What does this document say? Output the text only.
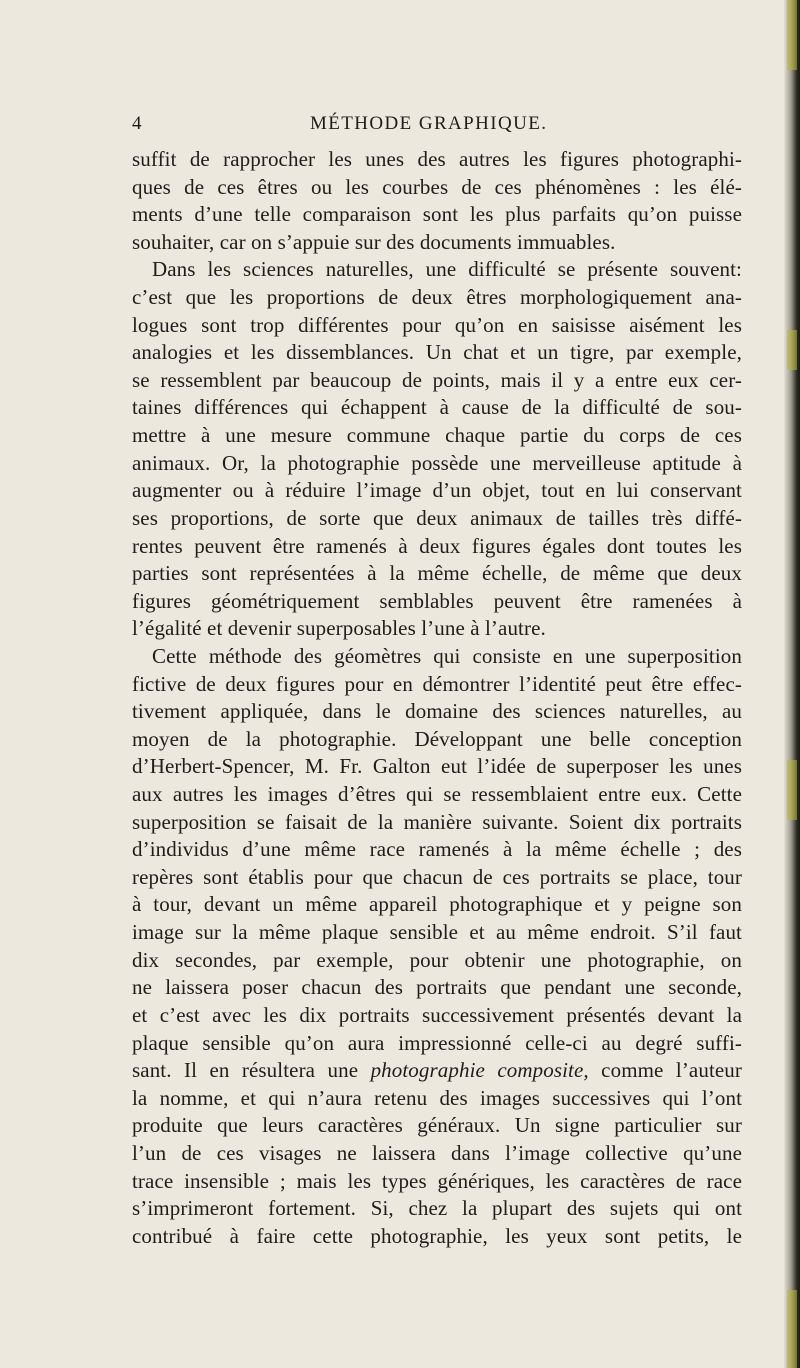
4	MÉTHODE GRAPHIQUE.
suffit de rapprocher les unes des autres les figures photographi-
ques de ces êtres ou les courbes de ces phénomènes : les élé-
ments d’une telle comparaison sont les plus parfaits qu’on puisse
souhaiter, car on s’appuie sur des documents immuables.
Dans les sciences naturelles, une difficulté se présente souvent:
c’est que les proportions de deux êtres morphologiquement ana-
logues sont trop différentes pour qu’on en saisisse aisément les
analogies et les dissemblances. Un chat et un tigre, par exemple,
se ressemblent par beaucoup de points, mais il y a entre eux cer-
taines différences qui échappent à cause de la difficulté de sou-
mettre à une mesure commune chaque partie du corps de ces
animaux. Or, la photographie possède une merveilleuse aptitude à
augmenter ou à réduire l’image d’un objet, tout en lui conservant
ses proportions, de sorte que deux animaux de tailles très diffé-
rentes peuvent être ramenés à deux figures égales dont toutes les
parties sont représentées à la même échelle, de même que deux
figures géométriquement semblables peuvent être ramenées à
l’égalité et devenir superposables l’une à l’autre.
Cette méthode des géomètres qui consiste en une superposition
fictive de deux figures pour en démontrer l’identité peut être effec-
tivement appliquée, dans le domaine des sciences naturelles, au
moyen de la photographie. Développant une belle conception
d’Herbert-Spencer, M. Fr. Galton eut l’idée de superposer les unes
aux autres les images d’êtres qui se ressemblaient entre eux. Cette
superposition se faisait de la manière suivante. Soient dix portraits
d’individus d’une même race ramenés à la même échelle ; des
repères sont établis pour que chacun de ces portraits se place, tour
à tour, devant un même appareil photographique et y peigne son
image sur la même plaque sensible et au même endroit. S’il faut
dix secondes, par exemple, pour obtenir une photographie, on
ne laissera poser chacun des portraits que pendant une seconde,
et c’est avec les dix portraits successivement présentés devant la
plaque sensible qu’on aura impressionné celle-ci au degré suffi-
sant. Il en résultera une photographie composite, comme l’auteur
la nomme, et qui n’aura retenu des images successives qui l’ont
produite que leurs caractères généraux. Un signe particulier sur
l’un de ces visages ne laissera dans l’image collective qu’une
trace insensible ; mais les types génériques, les caractères de race
s’imprimeront fortement. Si, chez la plupart des sujets qui ont
contribué à faire cette photographie, les yeux sont petits, le
